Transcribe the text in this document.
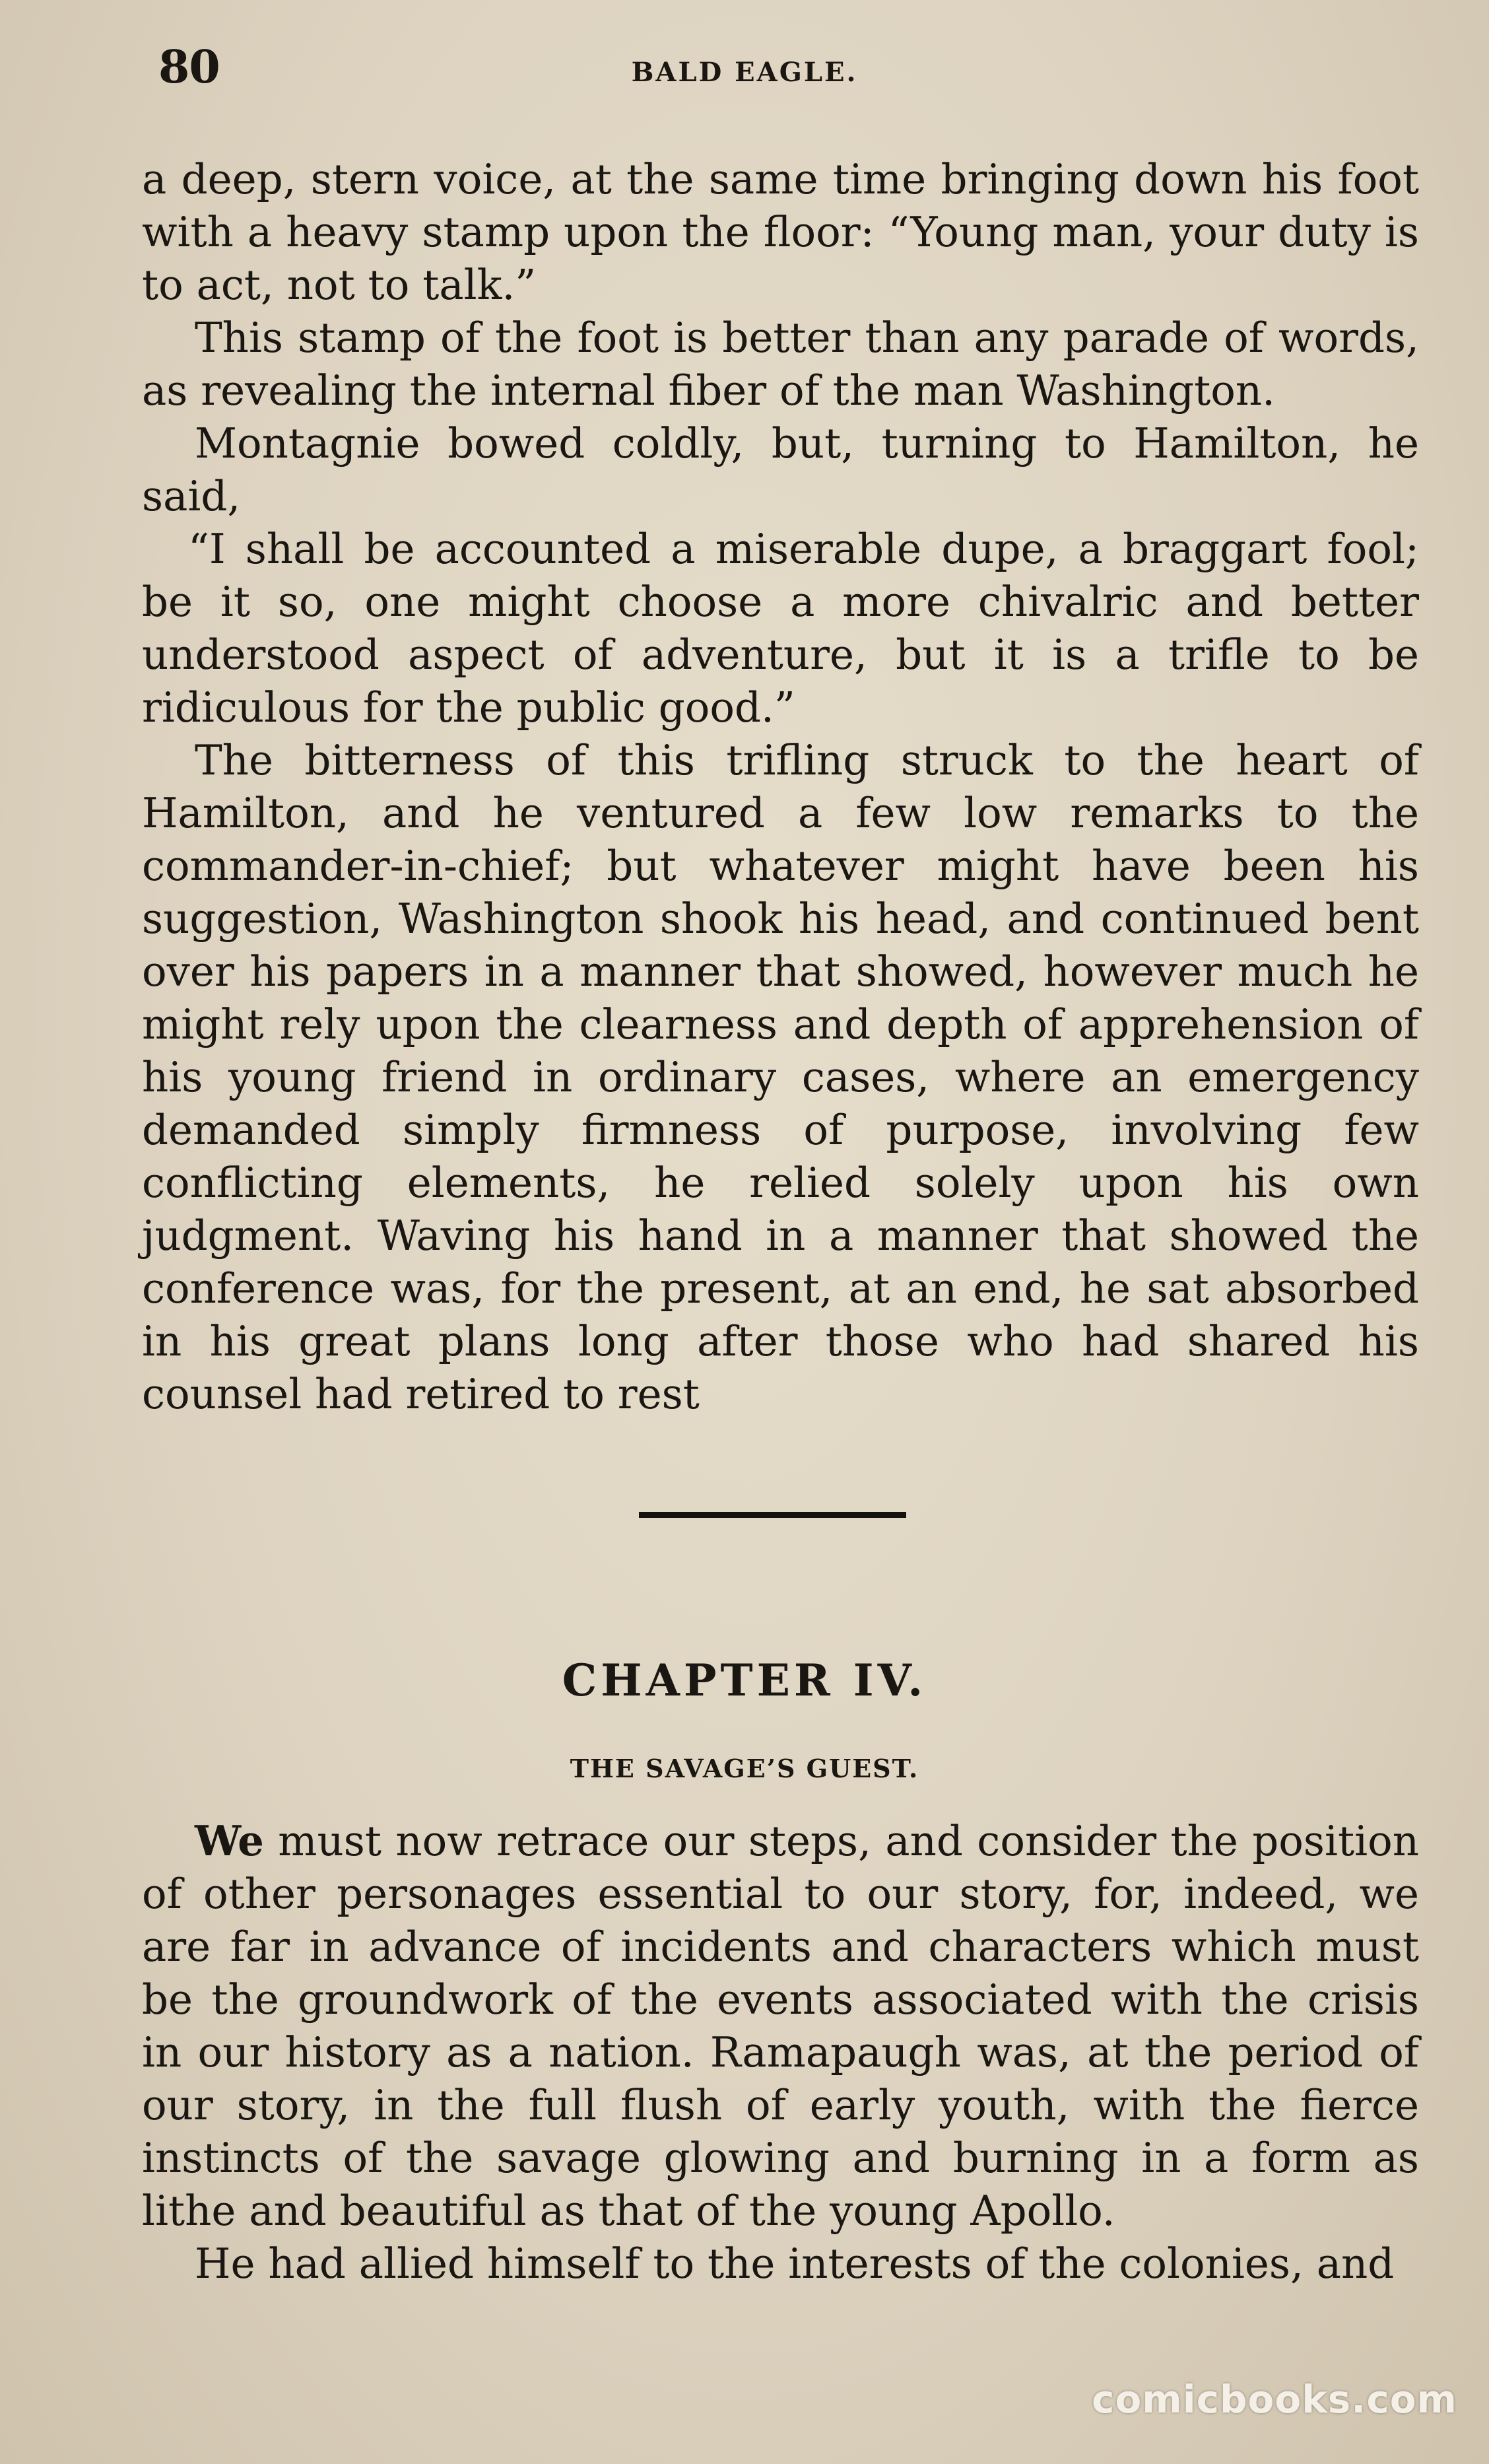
80	BALD EAGLE.

a deep, stern voice, at the same time bringing down his foot with a heavy stamp upon the floor: “Young man, your duty is to act, not to talk.”

This stamp of the foot is better than any parade of words, as revealing the internal fiber of the man Washington.

Montagnie bowed coldly, but, turning to Hamilton, he said,

“I shall be accounted a miserable dupe, a braggart fool; be it so, one might choose a more chivalric and better understood aspect of adventure, but it is a trifle to be ridiculous for the public good.”

The bitterness of this trifling struck to the heart of Hamilton, and he ventured a few low remarks to the commander-in-chief; but whatever might have been his suggestion, Washington shook his head, and continued bent over his papers in a manner that showed, however much he might rely upon the clearness and depth of apprehension of his young friend in ordinary cases, where an emergency demanded simply firmness of purpose, involving few conflicting elements, he relied solely upon his own judgment. Waving his hand in a manner that showed the conference was, for the present, at an end, he sat absorbed in his great plans long after those who had shared his counsel had retired to rest

CHAPTER IV.
THE SAVAGE’S GUEST.

We must now retrace our steps, and consider the position of other personages essential to our story, for, indeed, we are far in advance of incidents and characters which must be the groundwork of the events associated with the crisis in our history as a nation. Ramapaugh was, at the period of our story, in the full flush of early youth, with the fierce instincts of the savage glowing and burning in a form as lithe and beautiful as that of the young Apollo.

He had allied himself to the interests of the colonies, and

comicbooks.com
